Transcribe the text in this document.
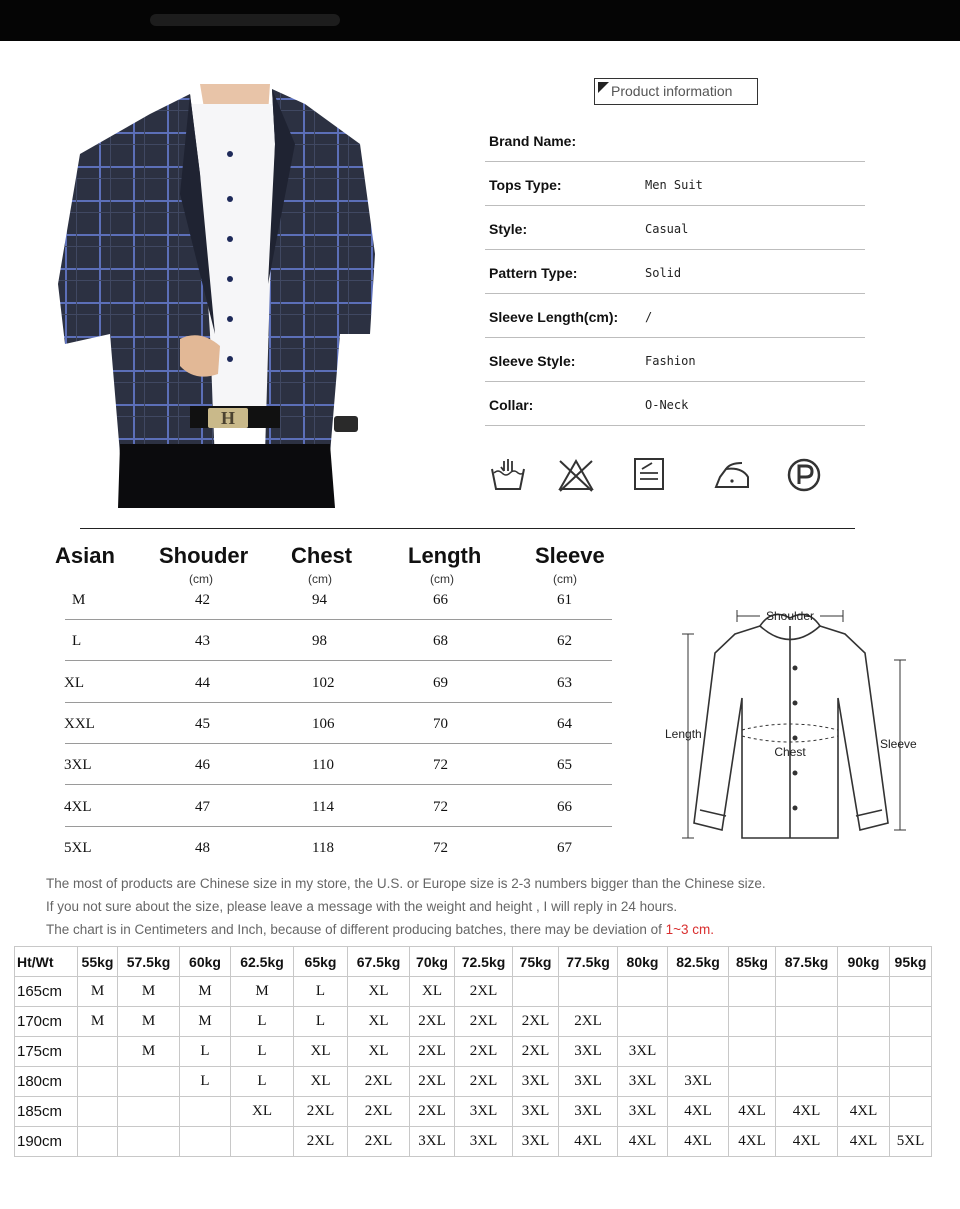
H
Product information
Brand Name:
Tops Type:	Men Suit
Style:	Casual
Pattern Type:	Solid
Sleeve Length(cm): /
Sleeve Style:	Fashion
Collar:	O-Neck
Asian Shouder Chest	Length Sleeve
(cm)	(cm)	(cm)	(cm)
M	42	94	66	61
L	43	98	68	62
XL	44	102	69	63
XXL	45	106	70	64
3XL	46	110	72	65
4XL	47	114	72	66
5XL	48	118	72	67
Shoulder
Chest
Length
Sleeve
The most of products are Chinese size in my store, the U.S. or Europe size is 2-3 numbers bigger than the Chinese size.
If you not sure about the size, please leave a message with the weight and height , I will reply in 24 hours.
The chart is in Centimeters and Inch, because of different producing batches, there may be deviation of 1~3 cm.
Ht/Wt	55kg	57.5kg	60kg	62.5kg	65kg	67.5kg	70kg	72.5kg	75kg	77.5kg	80kg	82.5kg	85kg	87.5kg	90kg	95kg
165cm	M	M	M	M	L	XL	XL	2XL								
170cm	M	M	M	L	L	XL	2XL	2XL	2XL	2XL						
175cm		M	L	L	XL	XL	2XL	2XL	2XL	3XL	3XL					
180cm			L	L	XL	2XL	2XL	2XL	3XL	3XL	3XL	3XL				
185cm				XL	2XL	2XL	2XL	3XL	3XL	3XL	3XL	4XL	4XL	4XL	4XL	
190cm					2XL	2XL	3XL	3XL	3XL	4XL	4XL	4XL	4XL	4XL	4XL	5XL
